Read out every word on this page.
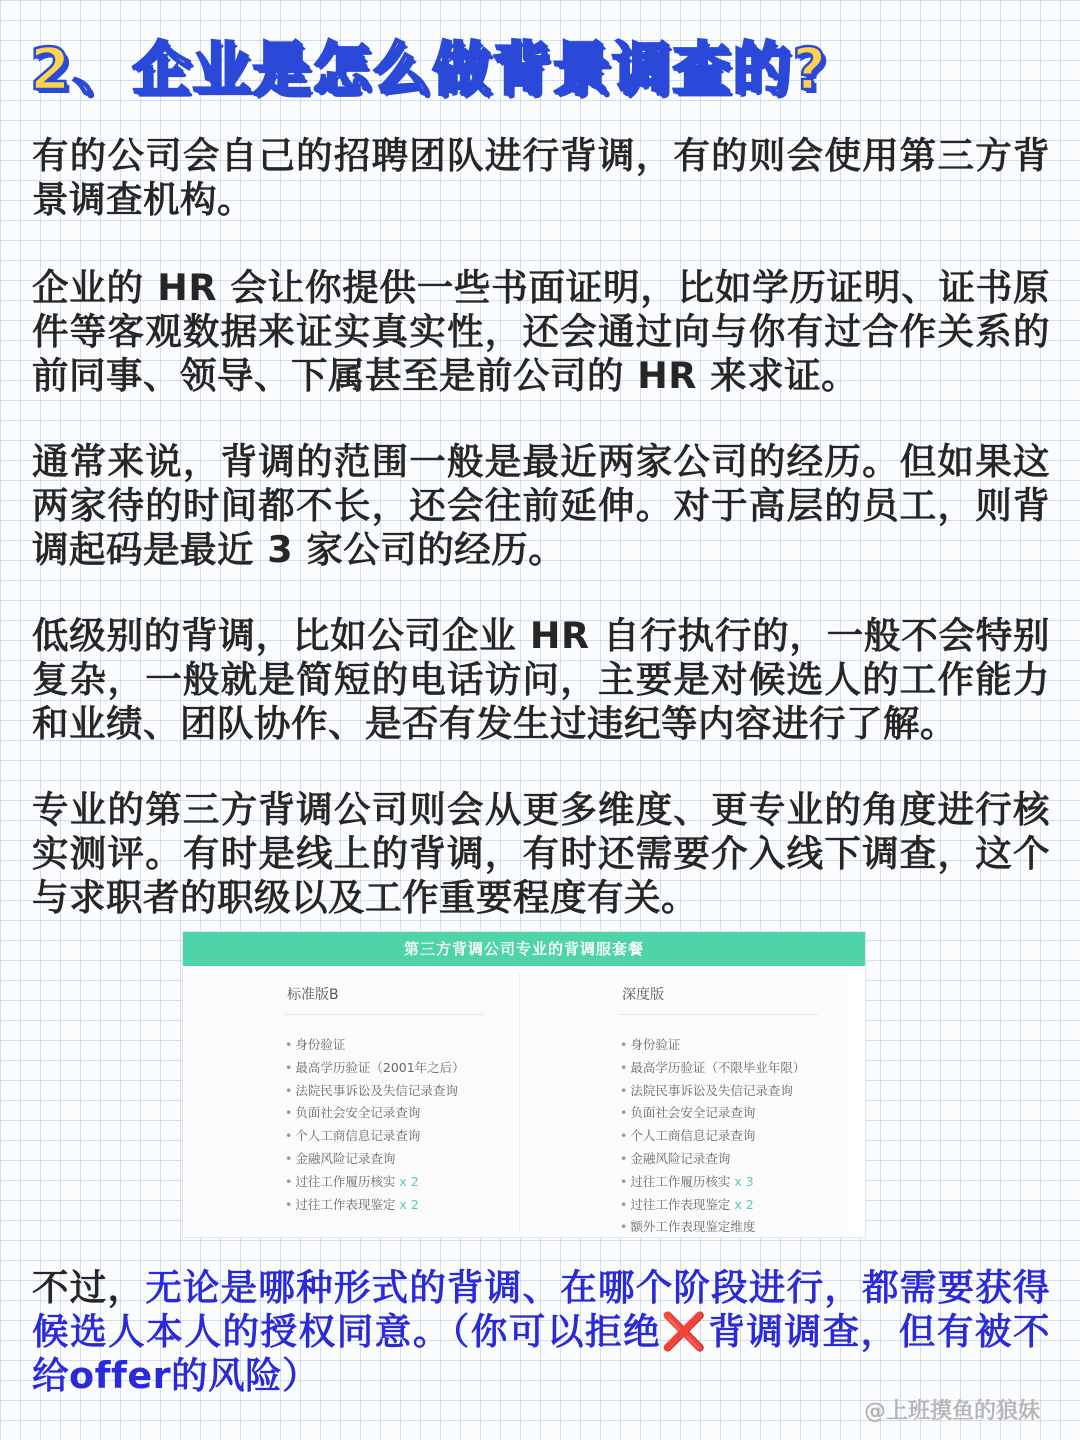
2、企业是怎么做背景调查的?

有的公司会自己的招聘团队进行背调，有的则会使用第三方背景调查机构。

企业的 HR 会让你提供一些书面证明，比如学历证明、证书原件等客观数据来证实真实性，还会通过向与你有过合作关系的前同事、领导、下属甚至是前公司的 HR 来求证。

通常来说，背调的范围一般是最近两家公司的经历。但如果这两家待的时间都不长，还会往前延伸。对于高层的员工，则背调起码是最近 3 家公司的经历。

低级别的背调，比如公司企业 HR 自行执行的，一般不会特别复杂，一般就是简短的电话访问，主要是对候选人的工作能力和业绩、团队协作、是否有发生过违纪等内容进行了解。

专业的第三方背调公司则会从更多维度、更专业的角度进行核实测评。有时是线上的背调，有时还需要介入线下调查，这个与求职者的职级以及工作重要程度有关。

第三方背调公司专业的背调服套餐
标准版B
• 身份验证
• 最高学历验证（2001年之后）
• 法院民事诉讼及失信记录查询
• 负面社会安全记录查询
• 个人工商信息记录查询
• 金融风险记录查询
• 过往工作履历核实 x 2
• 过往工作表现鉴定 x 2
深度版
• 身份验证
• 最高学历验证（不限毕业年限）
• 法院民事诉讼及失信记录查询
• 负面社会安全记录查询
• 个人工商信息记录查询
• 金融风险记录查询
• 过往工作履历核实 x 3
• 过往工作表现鉴定 x 2
• 额外工作表现鉴定维度

不过，无论是哪种形式的背调、在哪个阶段进行，都需要获得候选人本人的授权同意。（你可以拒绝❌背调调查，但有被不给offer的风险）

@上班摸鱼的狼妹
